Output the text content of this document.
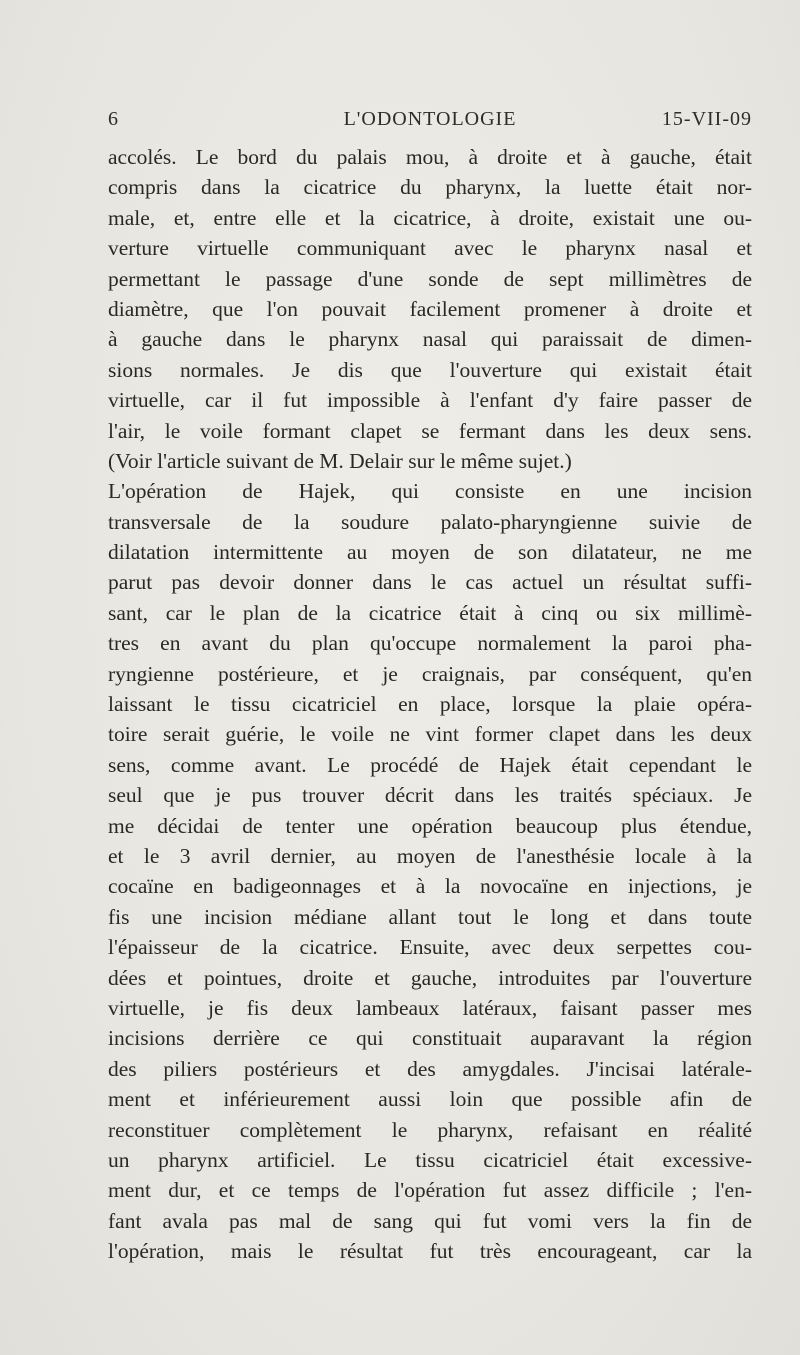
6	L'ODONTOLOGIE	15-VII-09
accolés. Le bord du palais mou, à droite et à gauche, était
compris dans la cicatrice du pharynx, la luette était nor-
male, et, entre elle et la cicatrice, à droite, existait une ou-
verture virtuelle communiquant avec le pharynx nasal et
permettant le passage d'une sonde de sept millimètres de
diamètre, que l'on pouvait facilement promener à droite et
à gauche dans le pharynx nasal qui paraissait de dimen-
sions normales. Je dis que l'ouverture qui existait était
virtuelle, car il fut impossible à l'enfant d'y faire passer de
l'air, le voile formant clapet se fermant dans les deux sens.
(Voir l'article suivant de M. Delair sur le même sujet.)
L'opération de Hajek, qui consiste en une incision
transversale de la soudure palato-pharyngienne suivie de
dilatation intermittente au moyen de son dilatateur, ne me
parut pas devoir donner dans le cas actuel un résultat suffi-
sant, car le plan de la cicatrice était à cinq ou six millimè-
tres en avant du plan qu'occupe normalement la paroi pha-
ryngienne postérieure, et je craignais, par conséquent, qu'en
laissant le tissu cicatriciel en place, lorsque la plaie opéra-
toire serait guérie, le voile ne vint former clapet dans les deux
sens, comme avant. Le procédé de Hajek était cependant le
seul que je pus trouver décrit dans les traités spéciaux. Je
me décidai de tenter une opération beaucoup plus étendue,
et le 3 avril dernier, au moyen de l'anesthésie locale à la
cocaïne en badigeonnages et à la novocaïne en injections, je
fis une incision médiane allant tout le long et dans toute
l'épaisseur de la cicatrice. Ensuite, avec deux serpettes cou-
dées et pointues, droite et gauche, introduites par l'ouverture
virtuelle, je fis deux lambeaux latéraux, faisant passer mes
incisions derrière ce qui constituait auparavant la région
des piliers postérieurs et des amygdales. J'incisai latérale-
ment et inférieurement aussi loin que possible afin de
reconstituer complètement le pharynx, refaisant en réalité
un pharynx artificiel. Le tissu cicatriciel était excessive-
ment dur, et ce temps de l'opération fut assez difficile ; l'en-
fant avala pas mal de sang qui fut vomi vers la fin de
l'opération, mais le résultat fut très encourageant, car la
